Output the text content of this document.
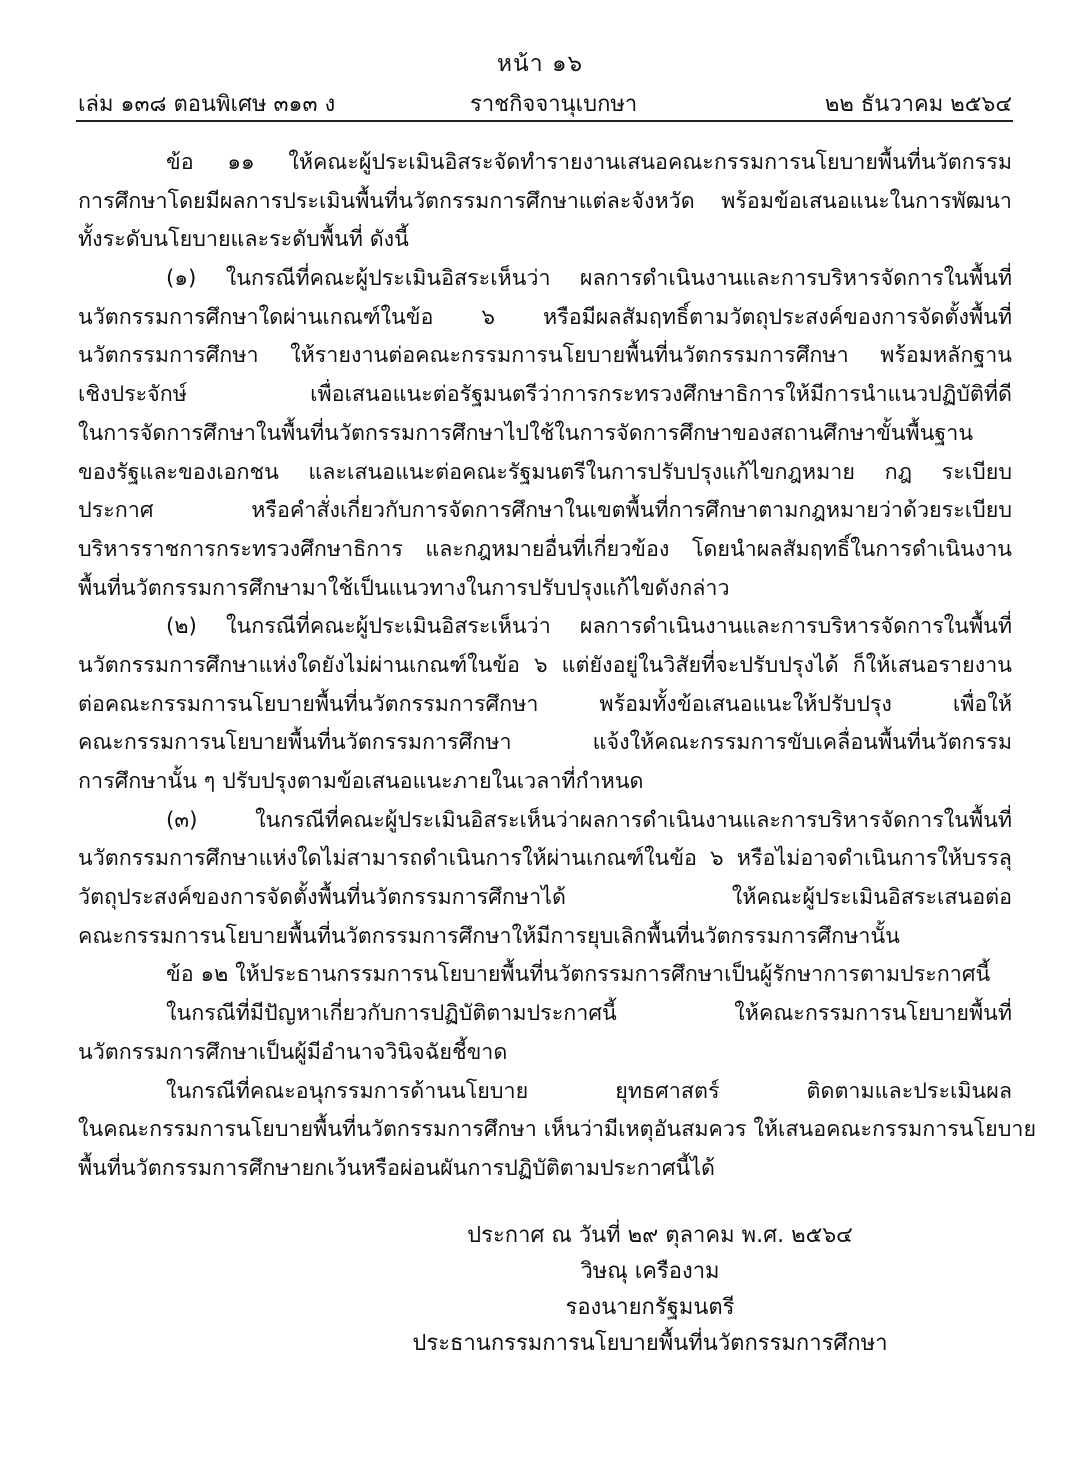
หน้า ๑๖
เล่ม ๑๓๘ ตอนพิเศษ ๓๑๓ ง	ราชกิจจานุเบกษา	๒๒ ธันวาคม ๒๕๖๔
ข้อ ๑๑ ให้คณะผู้ประเมินอิสระจัดทำรายงานเสนอคณะกรรมการนโยบายพื้นที่นวัตกรรม
การศึกษาโดยมีผลการประเมินพื้นที่นวัตกรรมการศึกษาแต่ละจังหวัด พร้อมข้อเสนอแนะในการพัฒนา
ทั้งระดับนโยบายและระดับพื้นที่ ดังนี้
(๑) ในกรณีที่คณะผู้ประเมินอิสระเห็นว่า ผลการดำเนินงานและการบริหารจัดการในพื้นที่
นวัตกรรมการศึกษาใดผ่านเกณฑ์ในข้อ ๖ หรือมีผลสัมฤทธิ์ตามวัตถุประสงค์ของการจัดตั้งพื้นที่
นวัตกรรมการศึกษา ให้รายงานต่อคณะกรรมการนโยบายพื้นที่นวัตกรรมการศึกษา พร้อมหลักฐาน
เชิงประจักษ์ เพื่อเสนอแนะต่อรัฐมนตรีว่าการกระทรวงศึกษาธิการให้มีการนำแนวปฏิบัติที่ดี
ในการจัดการศึกษาในพื้นที่นวัตกรรมการศึกษาไปใช้ในการจัดการศึกษาของสถานศึกษาขั้นพื้นฐาน
ของรัฐและของเอกชน และเสนอแนะต่อคณะรัฐมนตรีในการปรับปรุงแก้ไขกฎหมาย กฎ ระเบียบ
ประกาศ หรือคำสั่งเกี่ยวกับการจัดการศึกษาในเขตพื้นที่การศึกษาตามกฎหมายว่าด้วยระเบียบ
บริหารราชการกระทรวงศึกษาธิการ และกฎหมายอื่นที่เกี่ยวข้อง โดยนำผลสัมฤทธิ์ในการดำเนินงาน
พื้นที่นวัตกรรมการศึกษามาใช้เป็นแนวทางในการปรับปรุงแก้ไขดังกล่าว
(๒) ในกรณีที่คณะผู้ประเมินอิสระเห็นว่า ผลการดำเนินงานและการบริหารจัดการในพื้นที่
นวัตกรรมการศึกษาแห่งใดยังไม่ผ่านเกณฑ์ในข้อ ๖ แต่ยังอยู่ในวิสัยที่จะปรับปรุงได้ ก็ให้เสนอรายงาน
ต่อคณะกรรมการนโยบายพื้นที่นวัตกรรมการศึกษา พร้อมทั้งข้อเสนอแนะให้ปรับปรุง เพื่อให้
คณะกรรมการนโยบายพื้นที่นวัตกรรมการศึกษา แจ้งให้คณะกรรมการขับเคลื่อนพื้นที่นวัตกรรม
การศึกษานั้น ๆ ปรับปรุงตามข้อเสนอแนะภายในเวลาที่กำหนด
(๓) ในกรณีที่คณะผู้ประเมินอิสระเห็นว่าผลการดำเนินงานและการบริหารจัดการในพื้นที่
นวัตกรรมการศึกษาแห่งใดไม่สามารถดำเนินการให้ผ่านเกณฑ์ในข้อ ๖ หรือไม่อาจดำเนินการให้บรรลุ
วัตถุประสงค์ของการจัดตั้งพื้นที่นวัตกรรมการศึกษาได้ ให้คณะผู้ประเมินอิสระเสนอต่อ
คณะกรรมการนโยบายพื้นที่นวัตกรรมการศึกษาให้มีการยุบเลิกพื้นที่นวัตกรรมการศึกษานั้น
ข้อ ๑๒ ให้ประธานกรรมการนโยบายพื้นที่นวัตกรรมการศึกษาเป็นผู้รักษาการตามประกาศนี้
ในกรณีที่มีปัญหาเกี่ยวกับการปฏิบัติตามประกาศนี้ ให้คณะกรรมการนโยบายพื้นที่
นวัตกรรมการศึกษาเป็นผู้มีอำนาจวินิจฉัยชี้ขาด
ในกรณีที่คณะอนุกรรมการด้านนโยบาย ยุทธศาสตร์ ติดตามและประเมินผล
ในคณะกรรมการนโยบายพื้นที่นวัตกรรมการศึกษา เห็นว่ามีเหตุอันสมควร ให้เสนอคณะกรรมการนโยบาย
พื้นที่นวัตกรรมการศึกษายกเว้นหรือผ่อนผันการปฏิบัติตามประกาศนี้ได้
ประกาศ ณ วันที่ ๒๙ ตุลาคม พ.ศ. ๒๕๖๔
วิษณุ เครืองาม
รองนายกรัฐมนตรี
ประธานกรรมการนโยบายพื้นที่นวัตกรรมการศึกษา
